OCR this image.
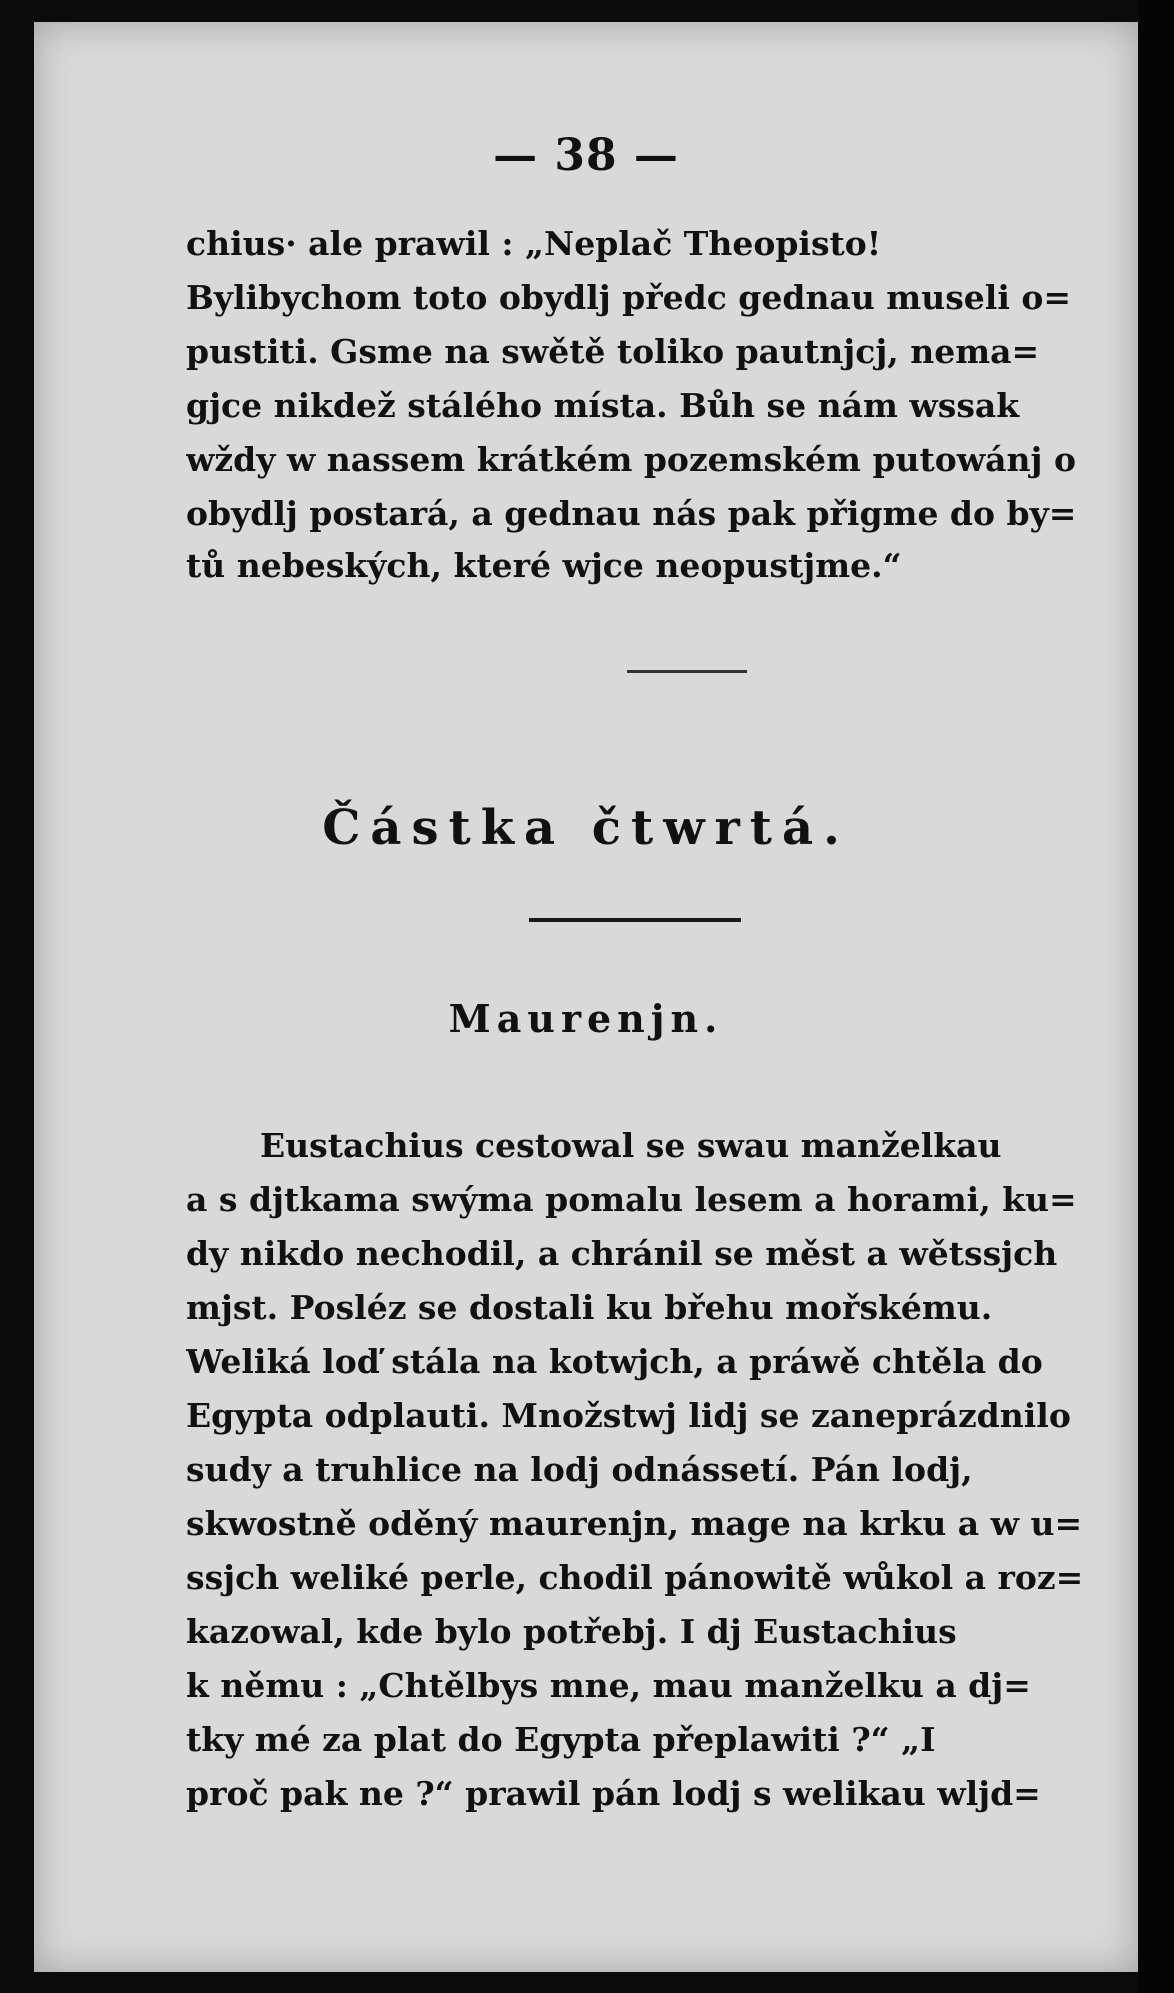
— 38 —
chius· ale prawil : „Neplač Theopisto!
Bylibychom toto obydlj předc gednau museli o=
pustiti. Gsme na swětě toliko pautnjcj, nema=
gjce nikdež stálého místa. Bůh se nám wssak
wždy w nassem krátkém pozemském putowánj o
obydlj postará, a gednau nás pak přigme do by=
tů nebeských, které wjce neopustjme.“
Částka čtwrtá.
Maurenjn.
Eustachius cestowal se swau manželkau
a s djtkama swýma pomalu lesem a horami, ku=
dy nikdo nechodil, a chránil se měst a wětssjch
mjst. Posléz se dostali ku břehu mořskému.
Weliká loď stála na kotwjch, a práwě chtěla do
Egypta odplauti. Množstwj lidj se zaneprázdnilo
sudy a truhlice na lodj odnássetí. Pán lodj,
skwostně oděný maurenjn, mage na krku a w u=
ssjch weliké perle, chodil pánowitě wůkol a roz=
kazowal, kde bylo potřebj. I dj Eustachius
k němu : „Chtělbys mne, mau manželku a dj=
tky mé za plat do Egypta přeplawiti ?“ „I
proč pak ne ?“ prawil pán lodj s welikau wljd=
